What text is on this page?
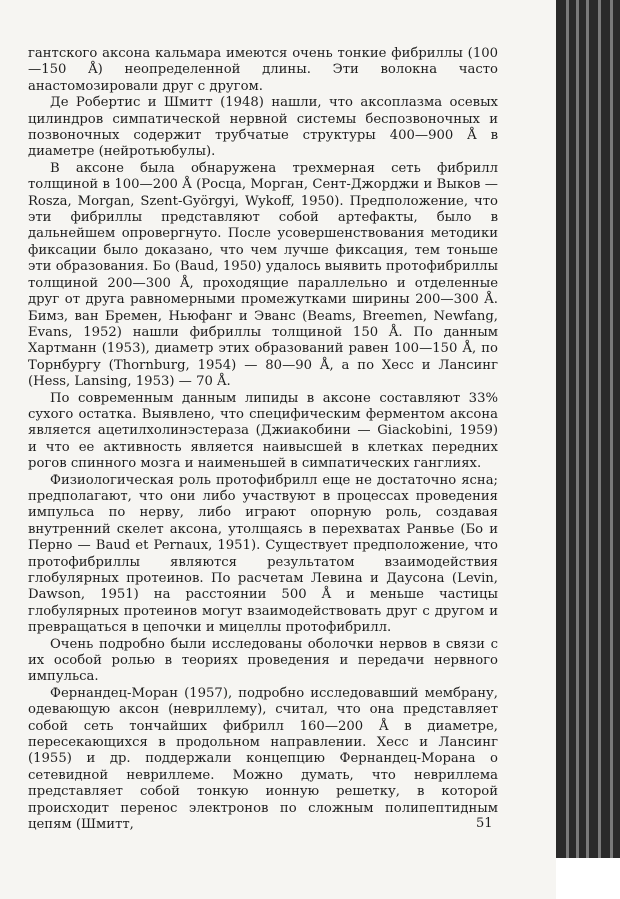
гантского аксона кальмара имеются очень тонкие фибриллы (100—150 Å) неопределенной длины. Эти волокна часто анастомозировали друг с другом.

Де Робертис и Шмитт (1948) нашли, что аксоплазма осевых цилиндров симпатической нервной системы беспозвоночных и позвоночных содержит трубчатые структуры 400—900 Å в диаметре (нейротьюбулы).

В аксоне была обнаружена трехмерная сеть фибрилл толщиной в 100—200 Å (Росца, Морган, Сент-Джорджи и Выков — Rosza, Morgan, Szent-Györgyi, Wykoff, 1950). Предположение, что эти фибриллы представляют собой артефакты, было в дальнейшем опровергнуто. После усовершенствования методики фиксации было доказано, что чем лучше фиксация, тем тоньше эти образования. Бо (Baud, 1950) удалось выявить протофибриллы толщиной 200—300 Å, проходящие параллельно и отделенные друг от друга равномерными промежутками ширины 200—300 Å. Бимз, ван Бремен, Ньюфанг и Эванс (Beams, Breemen, Newfang, Evans, 1952) нашли фибриллы толщиной 150 Å. По данным Хартманн (1953), диаметр этих образований равен 100—150 Å, по Торнбургу (Thornburg, 1954) — 80—90 Å, а по Хесс и Лансинг (Hess, Lansing, 1953) — 70 Å.

По современным данным липиды в аксоне составляют 33% сухого остатка. Выявлено, что специфическим ферментом аксона является ацетилхолинэстераза (Джиакобини — Giackobini, 1959) и что ее активность является наивысшей в клетках передних рогов спинного мозга и наименьшей в симпатических ганглиях.

Физиологическая роль протофибрилл еще не достаточно ясна; предполагают, что они либо участвуют в процессах проведения импульса по нерву, либо играют опорную роль, создавая внутренний скелет аксона, утолщаясь в перехватах Ранвье (Бо и Перно — Baud et Pernaux, 1951). Существует предположение, что протофибриллы являются результатом взаимодействия глобулярных протеинов. По расчетам Левина и Даусона (Levin, Dawson, 1951) на расстоянии 500 Å и меньше частицы глобулярных протеинов могут взаимодействовать друг с другом и превращаться в цепочки и мицеллы протофибрилл.

Очень подробно были исследованы оболочки нервов в связи с их особой ролью в теориях проведения и передачи нервного импульса.

Фернандец-Моран (1957), подробно исследовавший мембрану, одевающую аксон (невриллему), считал, что она представляет собой сеть тончайших фибрилл 160—200 Å в диаметре, пересекающихся в продольном направлении. Хесс и Лансинг (1955) и др. поддержали концепцию Фернандец-Морана о сетевидной невриллеме. Можно думать, что невриллема представляет собой тонкую ионную решетку, в которой происходит перенос электронов по сложным полипептидным цепям (Шмитт,	51
